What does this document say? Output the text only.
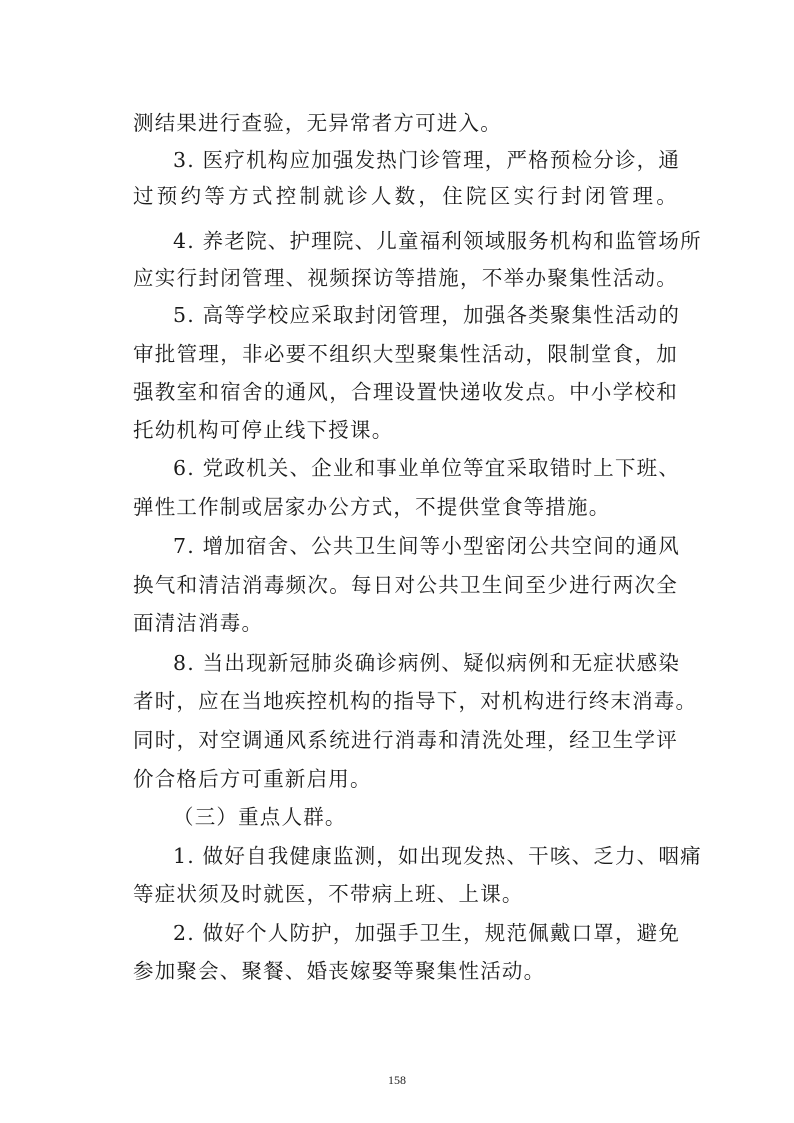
测结果进行查验，无异常者方可进入。
3. 医疗机构应加强发热门诊管理，严格预检分诊，通
过预约等方式控制就诊人数，住院区实行封闭管理。
4. 养老院、护理院、儿童福利领域服务机构和监管场所
应实行封闭管理、视频探访等措施，不举办聚集性活动。
5. 高等学校应采取封闭管理，加强各类聚集性活动的
审批管理，非必要不组织大型聚集性活动，限制堂食，加
强教室和宿舍的通风，合理设置快递收发点。中小学校和
托幼机构可停止线下授课。
6. 党政机关、企业和事业单位等宜采取错时上下班、
弹性工作制或居家办公方式，不提供堂食等措施。
7. 增加宿舍、公共卫生间等小型密闭公共空间的通风
换气和清洁消毒频次。每日对公共卫生间至少进行两次全
面清洁消毒。
8. 当出现新冠肺炎确诊病例、疑似病例和无症状感染
者时，应在当地疾控机构的指导下，对机构进行终末消毒。
同时，对空调通风系统进行消毒和清洗处理，经卫生学评
价合格后方可重新启用。
（三）重点人群。
1. 做好自我健康监测，如出现发热、干咳、乏力、咽痛
等症状须及时就医，不带病上班、上课。
2. 做好个人防护，加强手卫生，规范佩戴口罩，避免
参加聚会、聚餐、婚丧嫁娶等聚集性活动。
158
